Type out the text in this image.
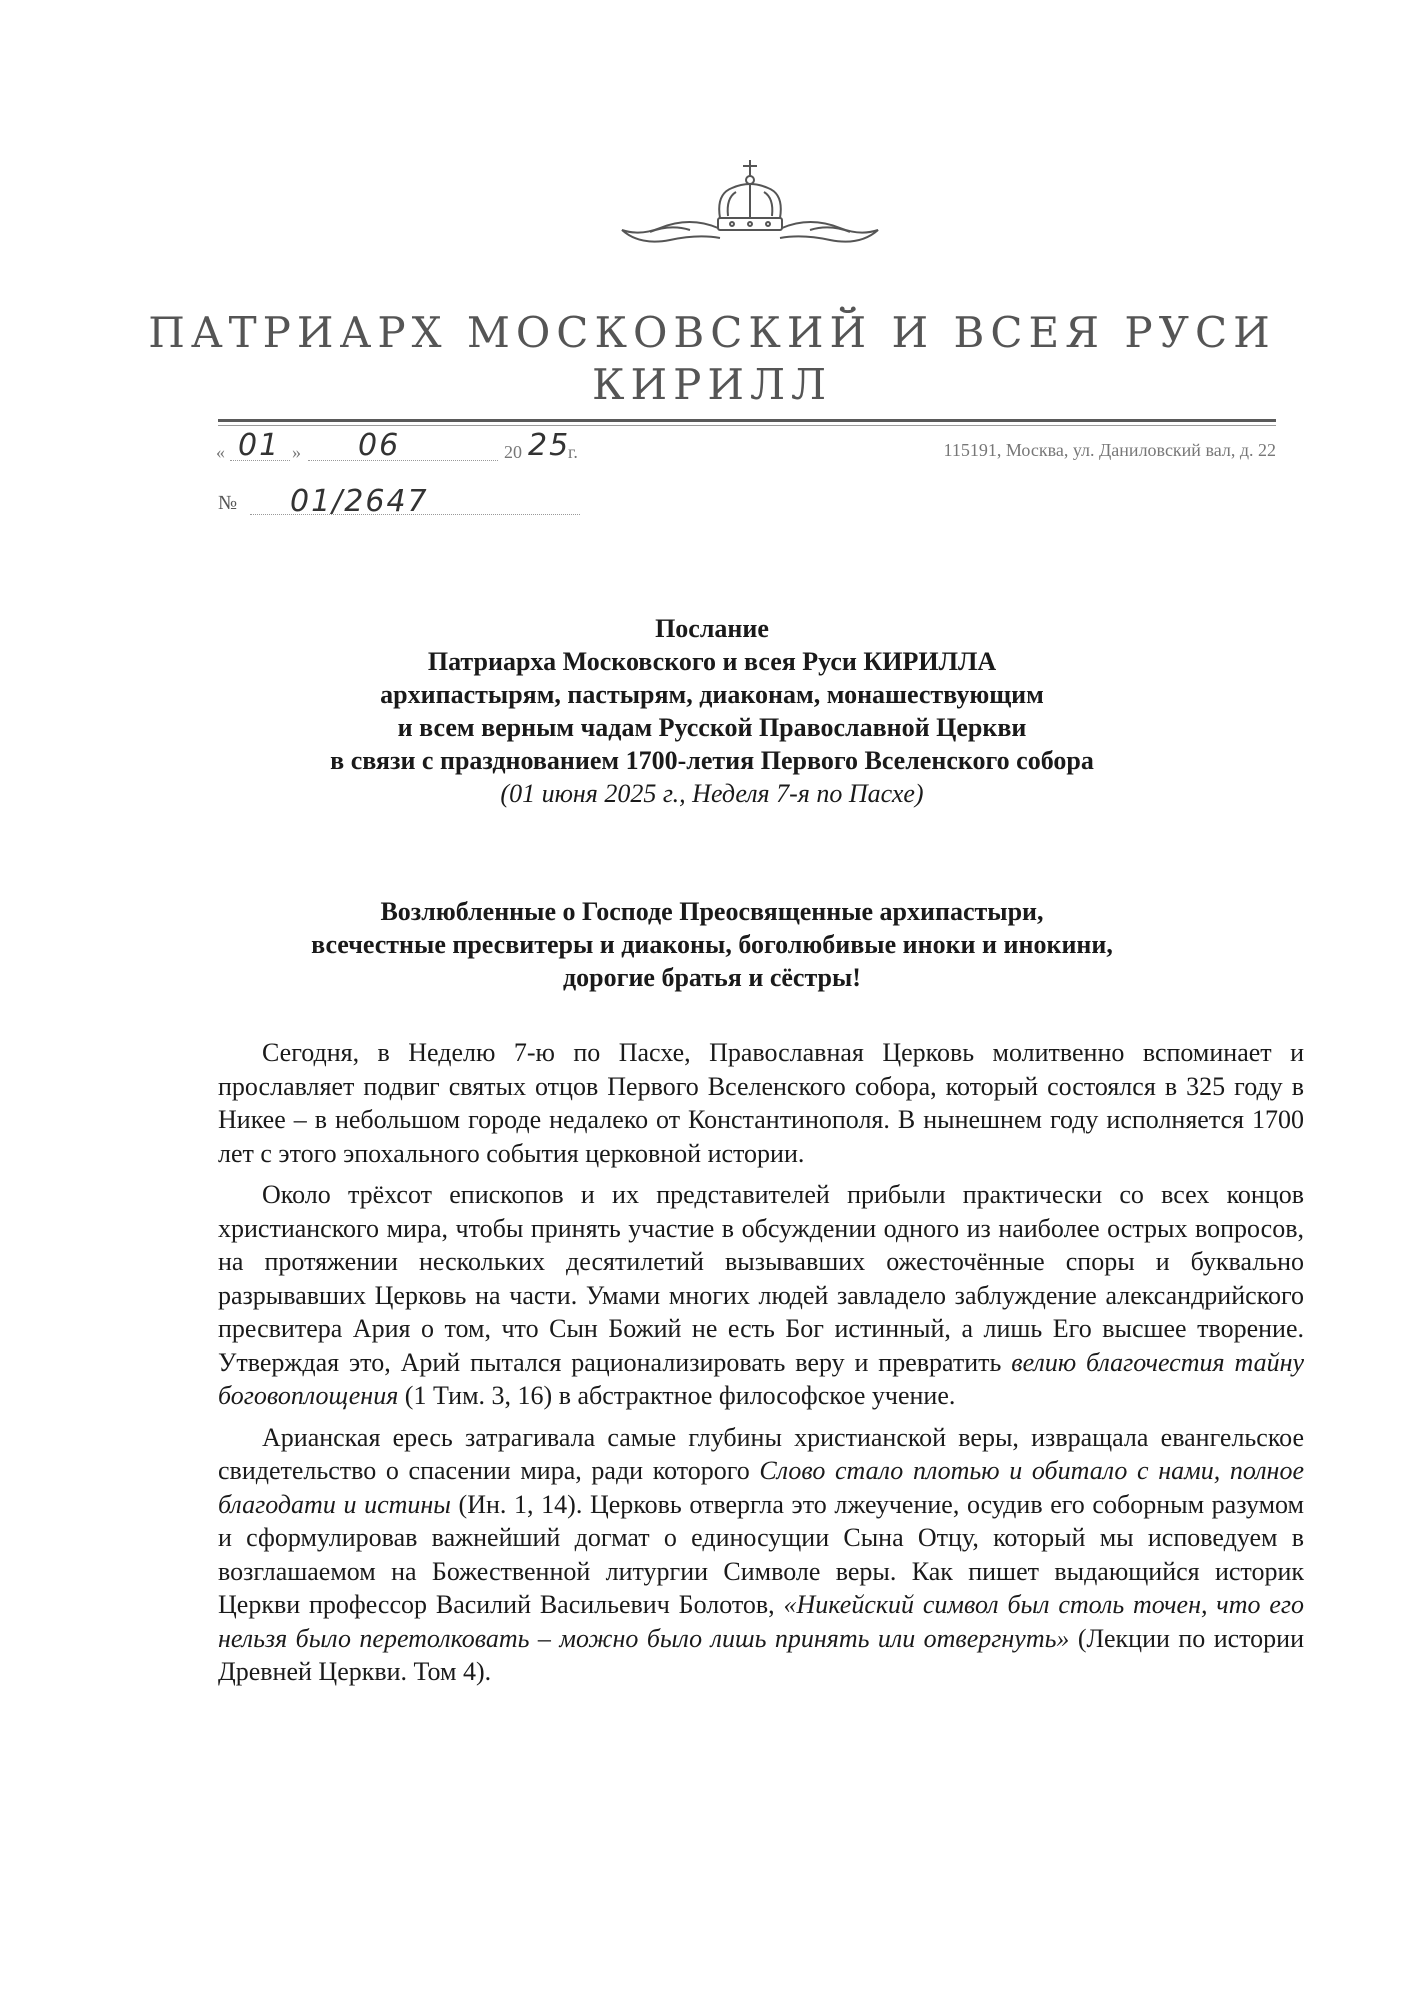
ПАТРИАРХ МОСКОВСКИЙ И ВСЕЯ РУСИ
КИРИЛЛ
« 01 » 06	20 25
г.	115191, Москва, ул. Даниловский вал, д. 22
№ 01/2647
Послание
Патриарха Московского и всея Руси КИРИЛЛА
архипастырям, пастырям, диаконам, монашествующим
и всем верным чадам Русской Православной Церкви
в связи с празднованием 1700-летия Первого Вселенского собора
(01 июня 2025 г., Неделя 7-я по Пасхе)
Возлюбленные о Господе Преосвященные архипастыри,
всечестные пресвитеры и диаконы, боголюбивые иноки и инокини,
дорогие братья и сёстры!

Сегодня, в Неделю 7-ю по Пасхе, Православная Церковь молитвенно вспоминает и прославляет подвиг святых отцов Первого Вселенского собора, который состоялся в 325 году в Никее – в небольшом городе недалеко от Константинополя. В нынешнем году исполняется 1700 лет с этого эпохального события церковной истории.

Около трёхсот епископов и их представителей прибыли практически со всех концов христианского мира, чтобы принять участие в обсуждении одного из наиболее острых вопросов, на протяжении нескольких десятилетий вызывавших ожесточённые споры и буквально разрывавших Церковь на части. Умами многих людей завладело заблуждение александрийского пресвитера Ария о том, что Сын Божий не есть Бог истинный, а лишь Его высшее творение. Утверждая это, Арий пытался рационализировать веру и превратить велию благочестия тайну боговоплощения (1 Тим. 3, 16) в абстрактное философское учение.

Арианская ересь затрагивала самые глубины христианской веры, извращала евангельское свидетельство о спасении мира, ради которого Слово стало плотью и обитало с нами, полное благодати и истины (Ин. 1, 14). Церковь отвергла это лжеучение, осудив его соборным разумом и сформулировав важнейший догмат о единосущии Сына Отцу, который мы исповедуем в возглашаемом на Божественной литургии Символе веры. Как пишет выдающийся историк Церкви профессор Василий Васильевич Болотов, «Никейский символ был столь точен, что его нельзя было перетолковать – можно было лишь принять или отвергнуть» (Лекции по истории Древней Церкви. Том 4).
